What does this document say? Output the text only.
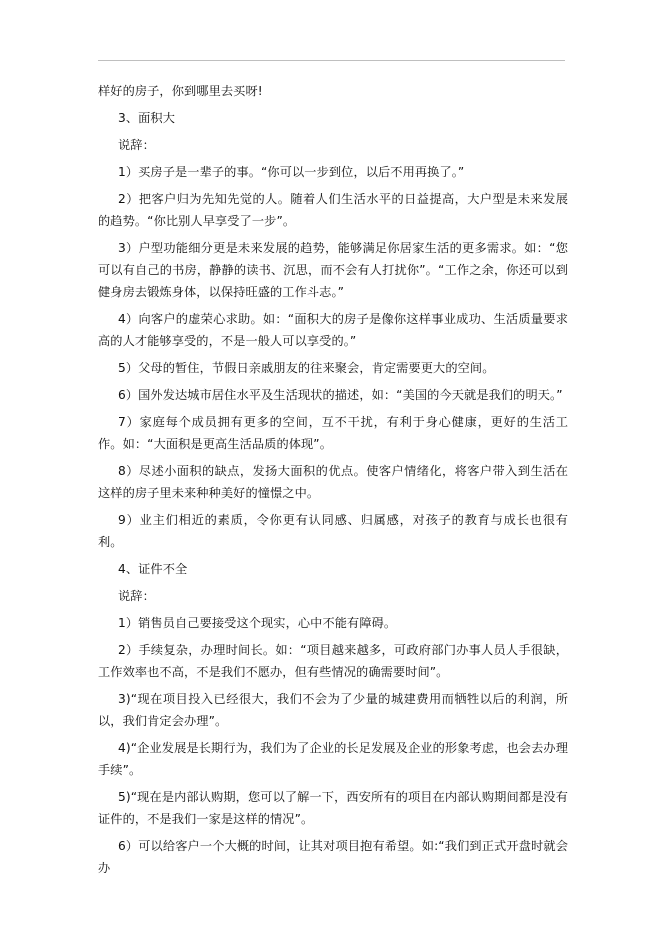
样好的房子，你到哪里去买呀!

3、面积大

说辞：

1）买房子是一辈子的事。“你可以一步到位，以后不用再换了。”

2）把客户归为先知先觉的人。随着人们生活水平的日益提高，大户型是未来发展的趋势。“你比别人早享受了一步”。

3）户型功能细分更是未来发展的趋势，能够满足你居家生活的更多需求。如：“您可以有自己的书房，静静的读书、沉思，而不会有人打扰你”。“工作之余，你还可以到健身房去锻炼身体，以保持旺盛的工作斗志。”

4）向客户的虚荣心求助。如：“面积大的房子是像你这样事业成功、生活质量要求高的人才能够享受的，不是一般人可以享受的。”

5）父母的暂住，节假日亲戚朋友的往来聚会，肯定需要更大的空间。

6）国外发达城市居住水平及生活现状的描述，如：“美国的今天就是我们的明天。”

7）家庭每个成员拥有更多的空间，互不干扰，有利于身心健康，更好的生活工作。如：“大面积是更高生活品质的体现”。

8）尽述小面积的缺点，发扬大面积的优点。使客户情绪化，将客户带入到生活在这样的房子里未来种种美好的憧憬之中。

9）业主们相近的素质，令你更有认同感、归属感，对孩子的教育与成长也很有利。

4、证件不全

说辞：

1）销售员自己要接受这个现实，心中不能有障碍。

2）手续复杂，办理时间长。如：“项目越来越多，可政府部门办事人员人手很缺，工作效率也不高，不是我们不愿办，但有些情况的确需要时间”。

3)“现在项目投入已经很大，我们不会为了少量的城建费用而牺牲以后的利润，所以，我们肯定会办理”。

4)“企业发展是长期行为，我们为了企业的长足发展及企业的形象考虑，也会去办理手续”。

5)“现在是内部认购期，您可以了解一下，西安所有的项目在内部认购期间都是没有证件的，不是我们一家是这样的情况”。

6）可以给客户一个大概的时间，让其对项目抱有希望。如:“我们到正式开盘时就会办
